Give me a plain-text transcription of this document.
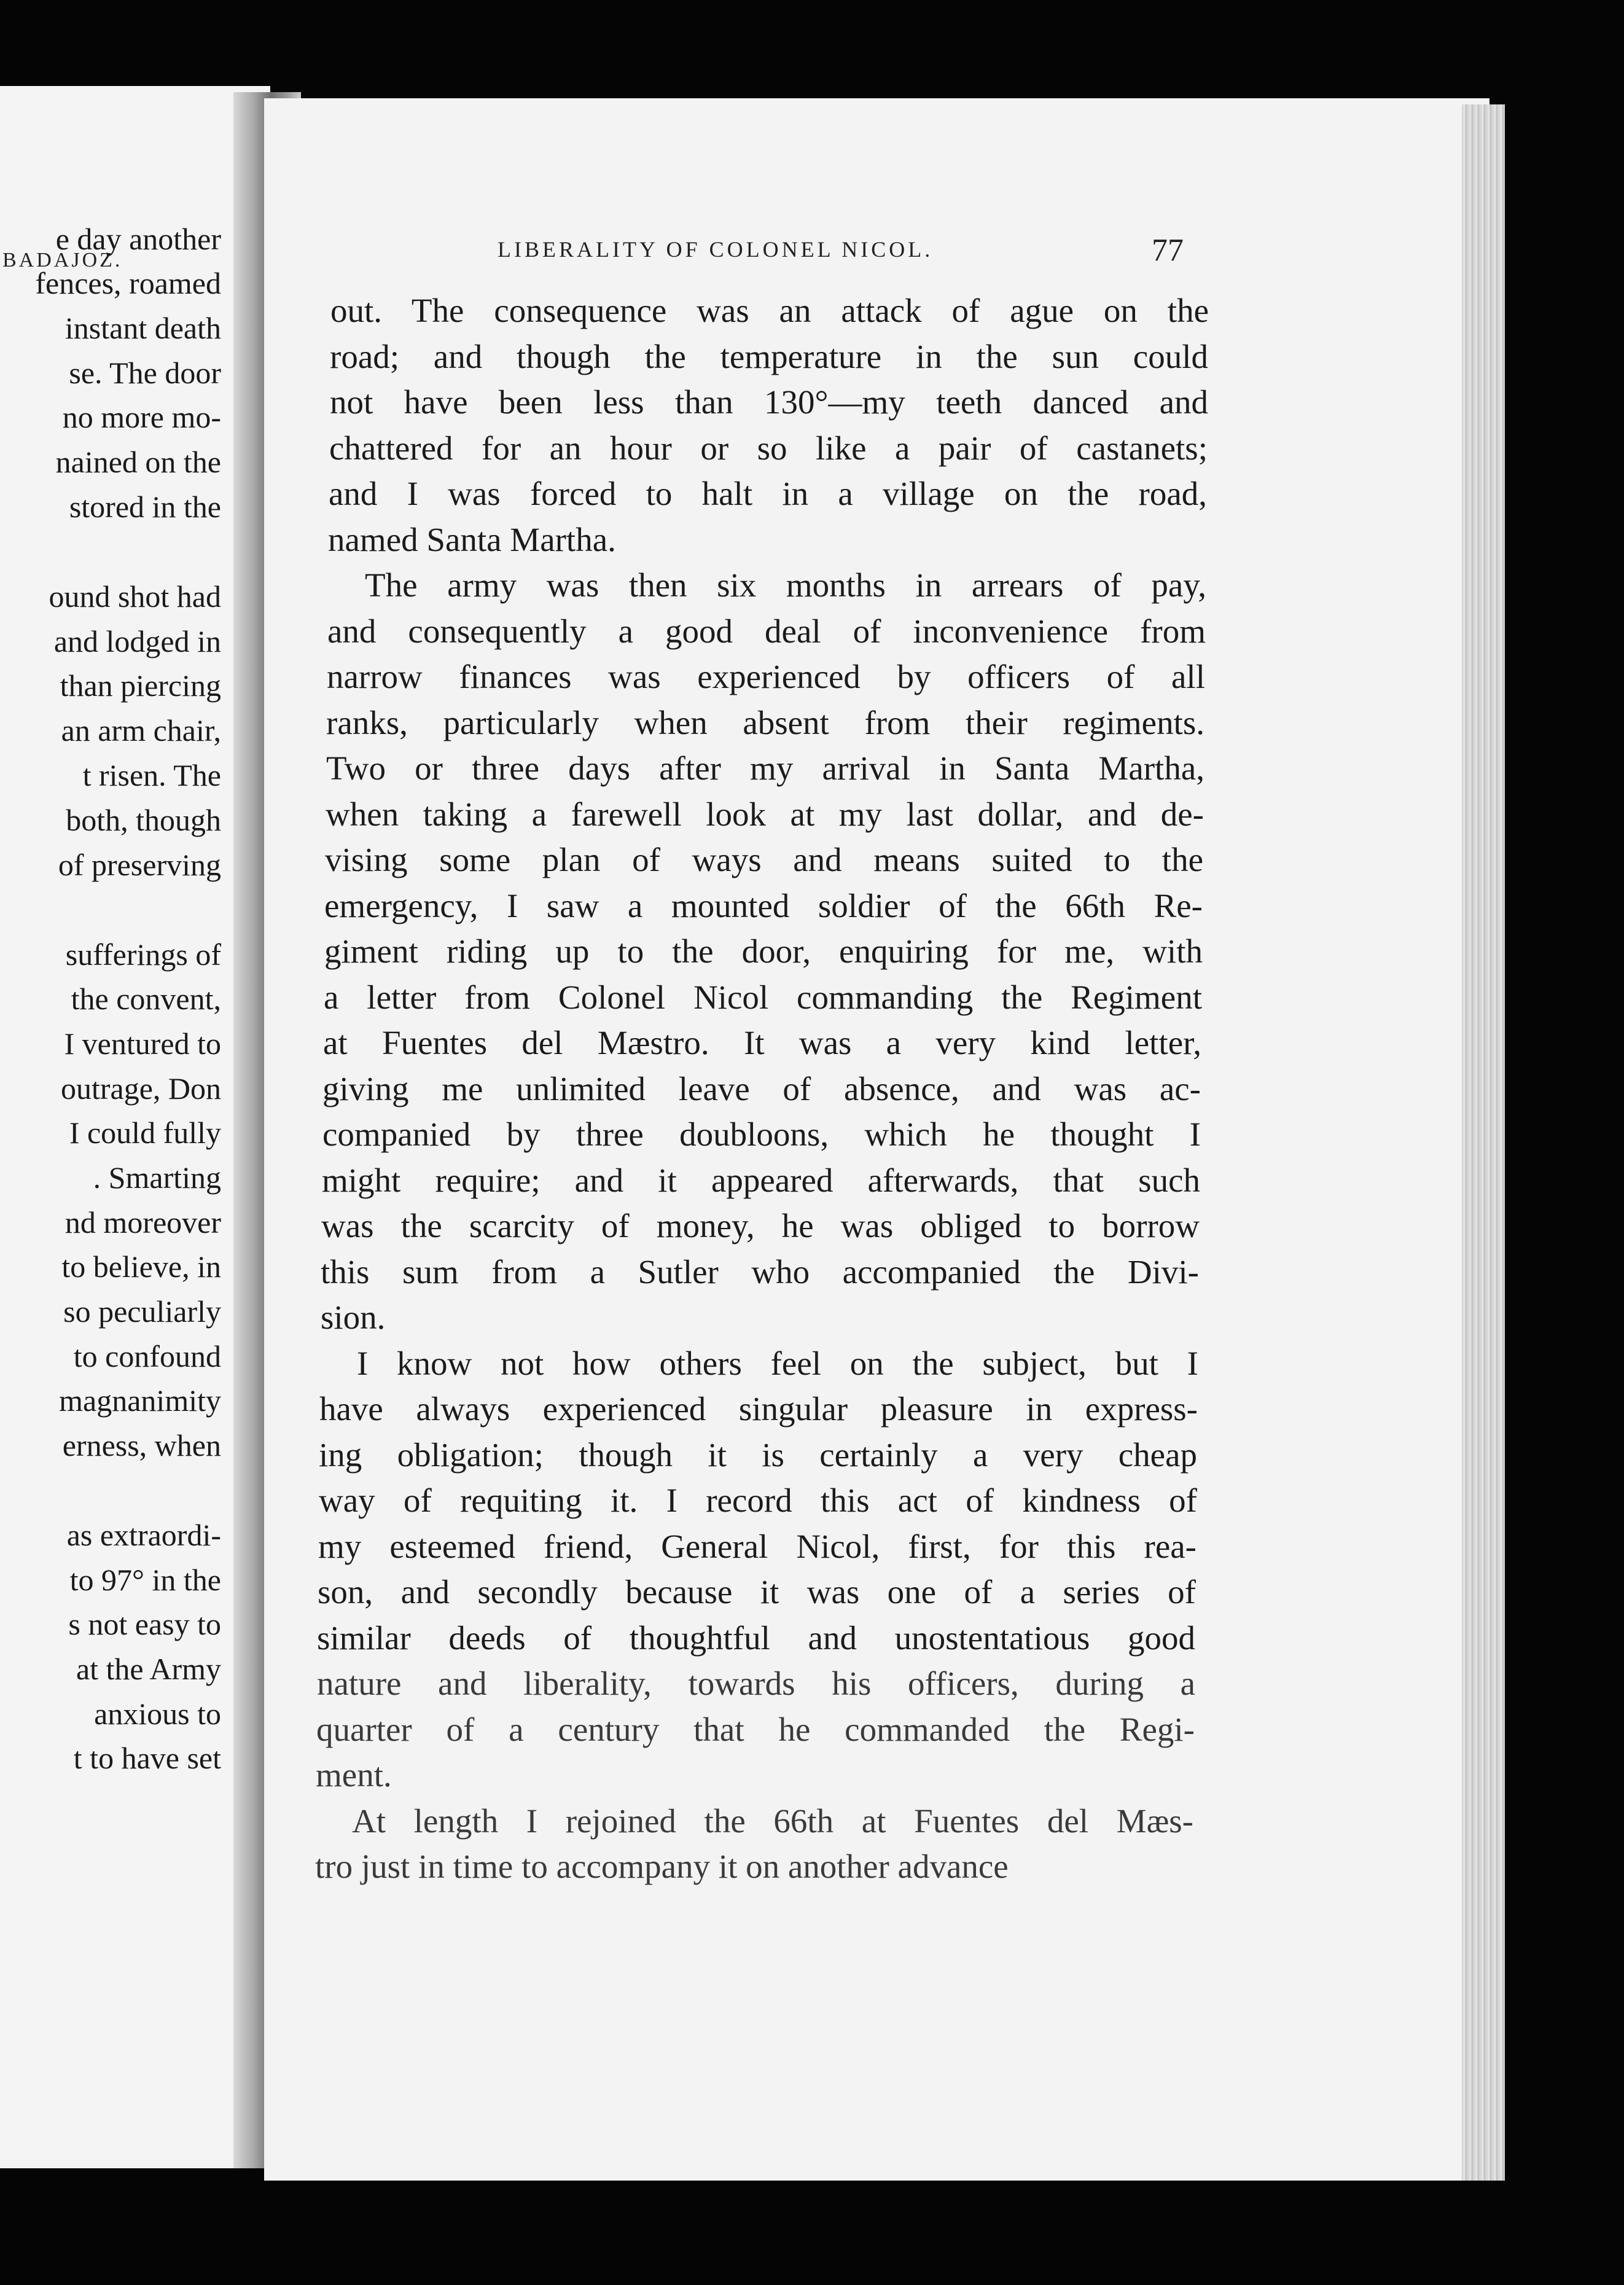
BADAJOZ.
e day another
fences, roamed
instant death
se. The door
no more mo-
nained on the
stored in the
ound shot had
and lodged in
than piercing
an arm chair,
t risen. The
both, though
of preserving
sufferings of
the convent,
I ventured to
outrage, Don
I could fully
. Smarting
nd moreover
to believe, in
so peculiarly
to confound
magnanimity
erness, when
as extraordi-
to 97° in the
s not easy to
at the Army
anxious to
t to have set
LIBERALITY OF COLONEL NICOL.	77
out. The consequence was an attack of ague on the
road; and though the temperature in the sun could
not have been less than 130°—my teeth danced and
chattered for an hour or so like a pair of castanets;
and I was forced to halt in a village on the road,
named Santa Martha.
The army was then six months in arrears of pay,
and consequently a good deal of inconvenience from
narrow finances was experienced by officers of all
ranks, particularly when absent from their regiments.
Two or three days after my arrival in Santa Martha,
when taking a farewell look at my last dollar, and de-
vising some plan of ways and means suited to the
emergency, I saw a mounted soldier of the 66th Re-
giment riding up to the door, enquiring for me, with
a letter from Colonel Nicol commanding the Regiment
at Fuentes del Mæstro. It was a very kind letter,
giving me unlimited leave of absence, and was ac-
companied by three doubloons, which he thought I
might require; and it appeared afterwards, that such
was the scarcity of money, he was obliged to borrow
this sum from a Sutler who accompanied the Divi-
sion.
I know not how others feel on the subject, but I
have always experienced singular pleasure in express-
ing obligation; though it is certainly a very cheap
way of requiting it. I record this act of kindness of
my esteemed friend, General Nicol, first, for this rea-
son, and secondly because it was one of a series of
similar deeds of thoughtful and unostentatious good
nature and liberality, towards his officers, during a
quarter of a century that he commanded the Regi-
ment.
At length I rejoined the 66th at Fuentes del Mæs-
tro just in time to accompany it on another advance
